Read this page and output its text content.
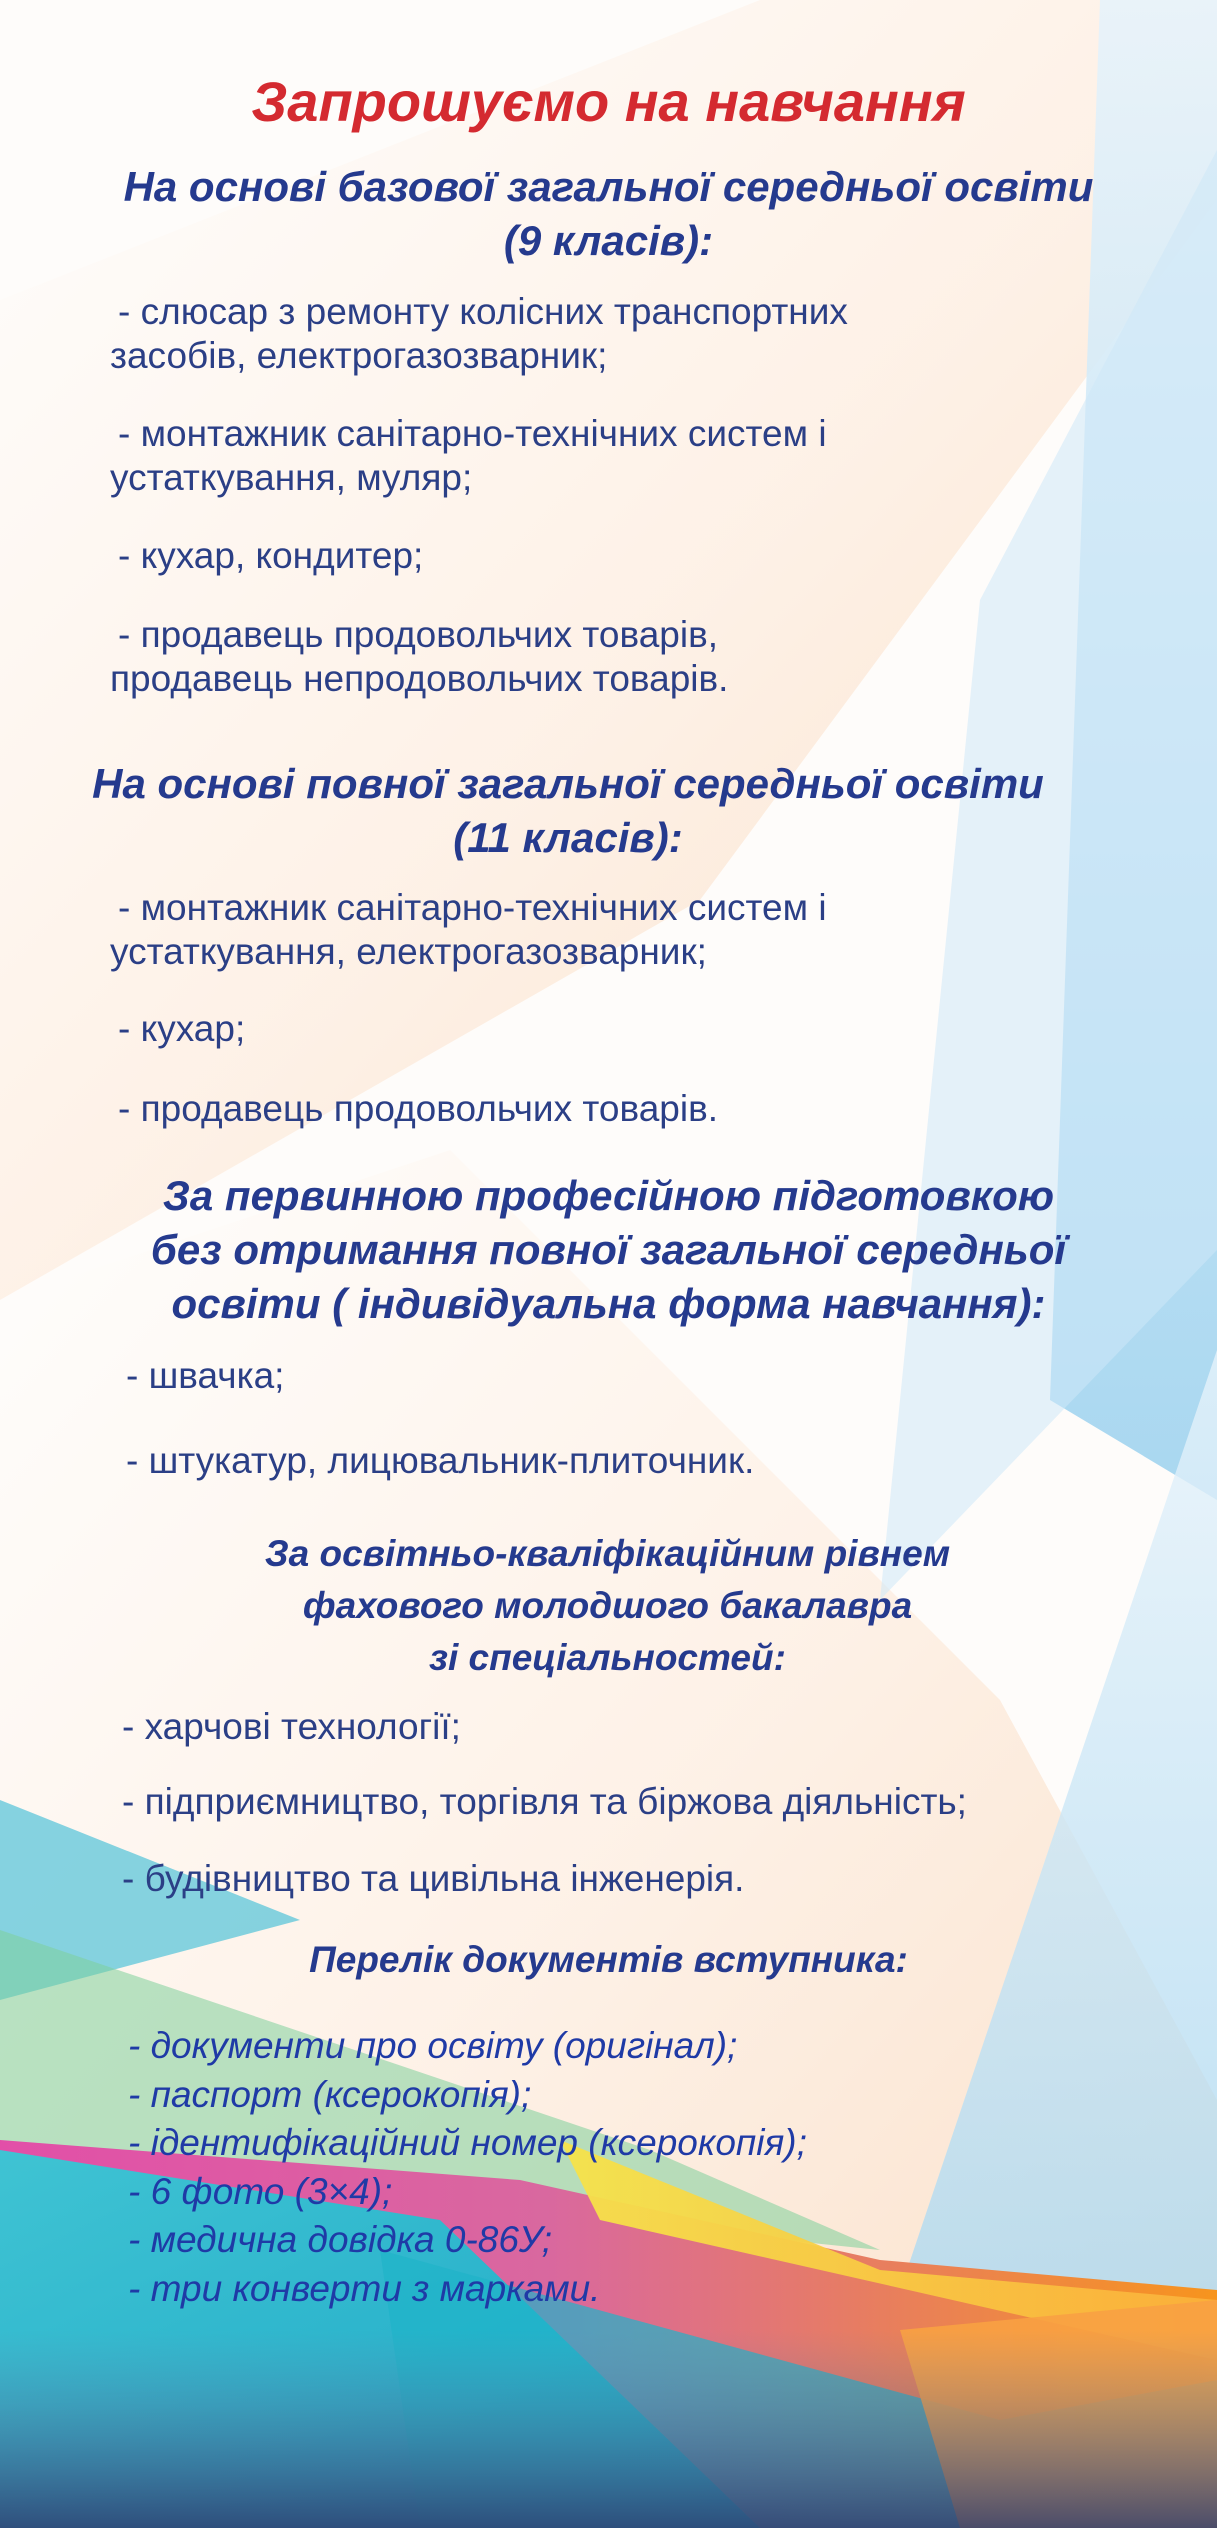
Запрошуємо на навчання
На основі базової загальної середньої освіти
(9 класів):
- слюсар з ремонту колісних транспортних
засобів, електрогазозварник;
- монтажник санітарно-технічних систем і
устаткування, муляр;
- кухар, кондитер;
- продавець продовольчих товарів,
продавець непродовольчих товарів.
На основі повної загальної середньої освіти
(11 класів):
- монтажник санітарно-технічних систем і
устаткування, електрогазозварник;
- кухар;
- продавець продовольчих товарів.
За первинною професійною підготовкою
без отримання повної загальної середньої
освіти ( індивідуальна форма навчання):
- швачка;
- штукатур, лицювальник-плиточник.
За освітньо-кваліфікаційним рівнем
фахового молодшого бакалавра
зі спеціальностей:
- харчові технології;
- підприємництво, торгівля та біржова діяльність;
- будівництво та цивільна інженерія.
Перелік документів вступника:
- документи про освіту (оригінал);
- паспорт (ксерокопія);
- ідентифікаційний номер (ксерокопія);
- 6 фото (3×4);
- медична довідка 0-86У;
- три конверти з марками.
